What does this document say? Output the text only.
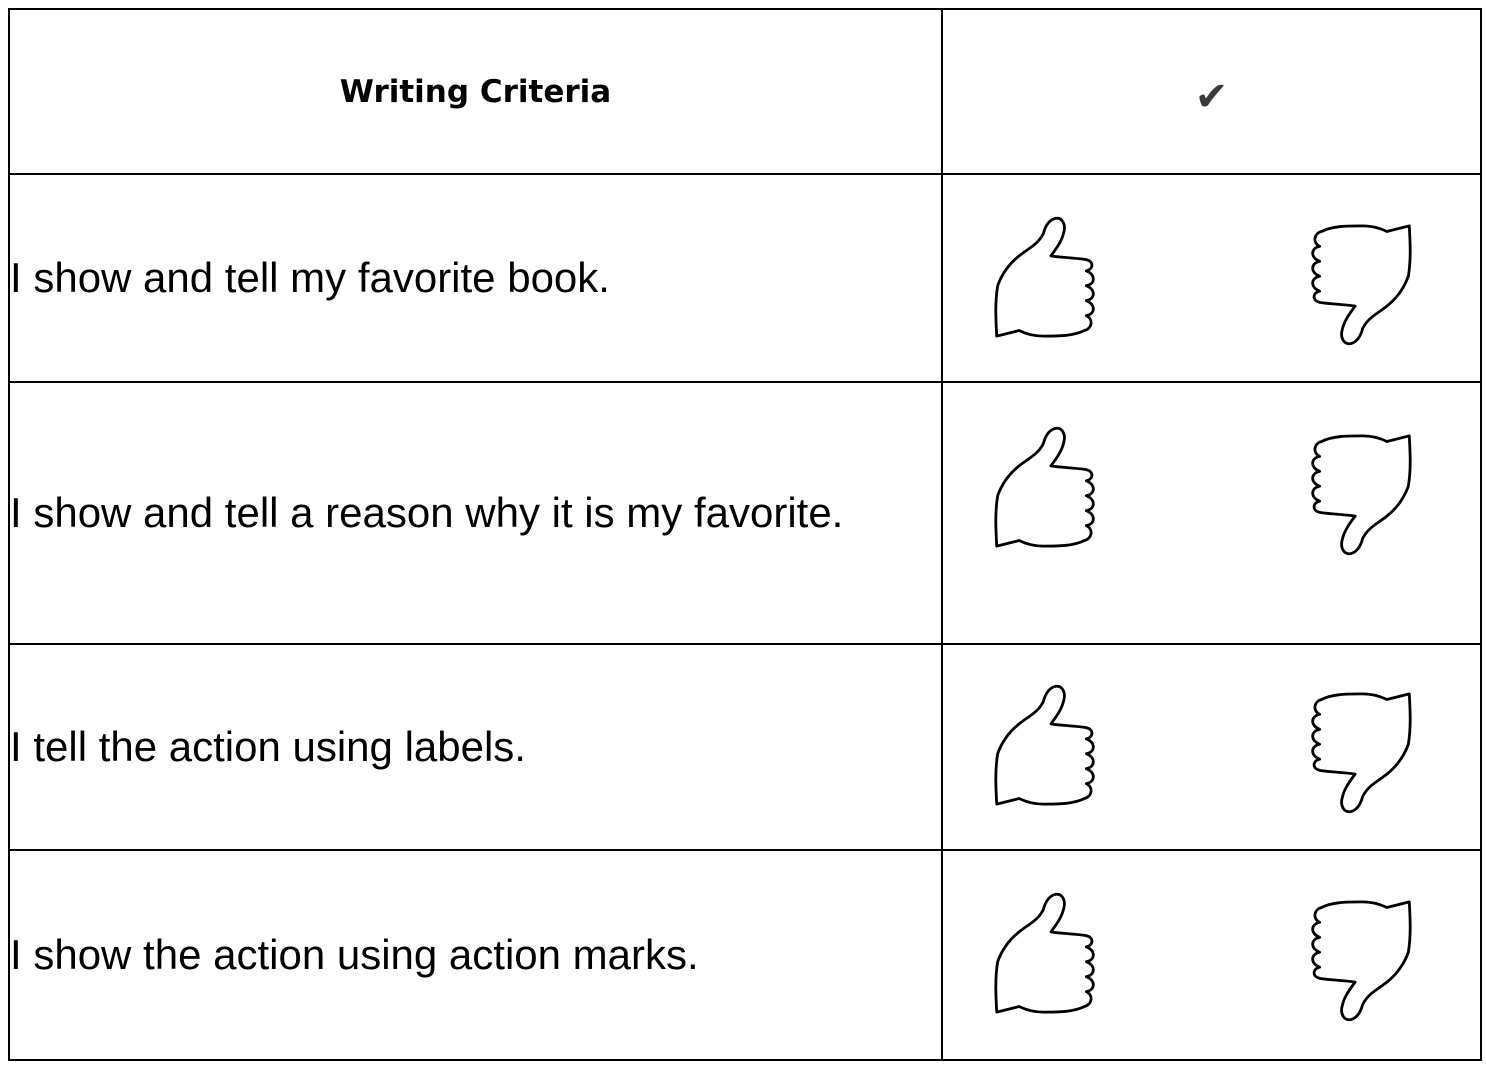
Writing Criteria	✔
I show and tell my favorite book.	

I show and tell a reason why it is my favorite.	

I tell the action using labels.	

I show the action using action marks.	
